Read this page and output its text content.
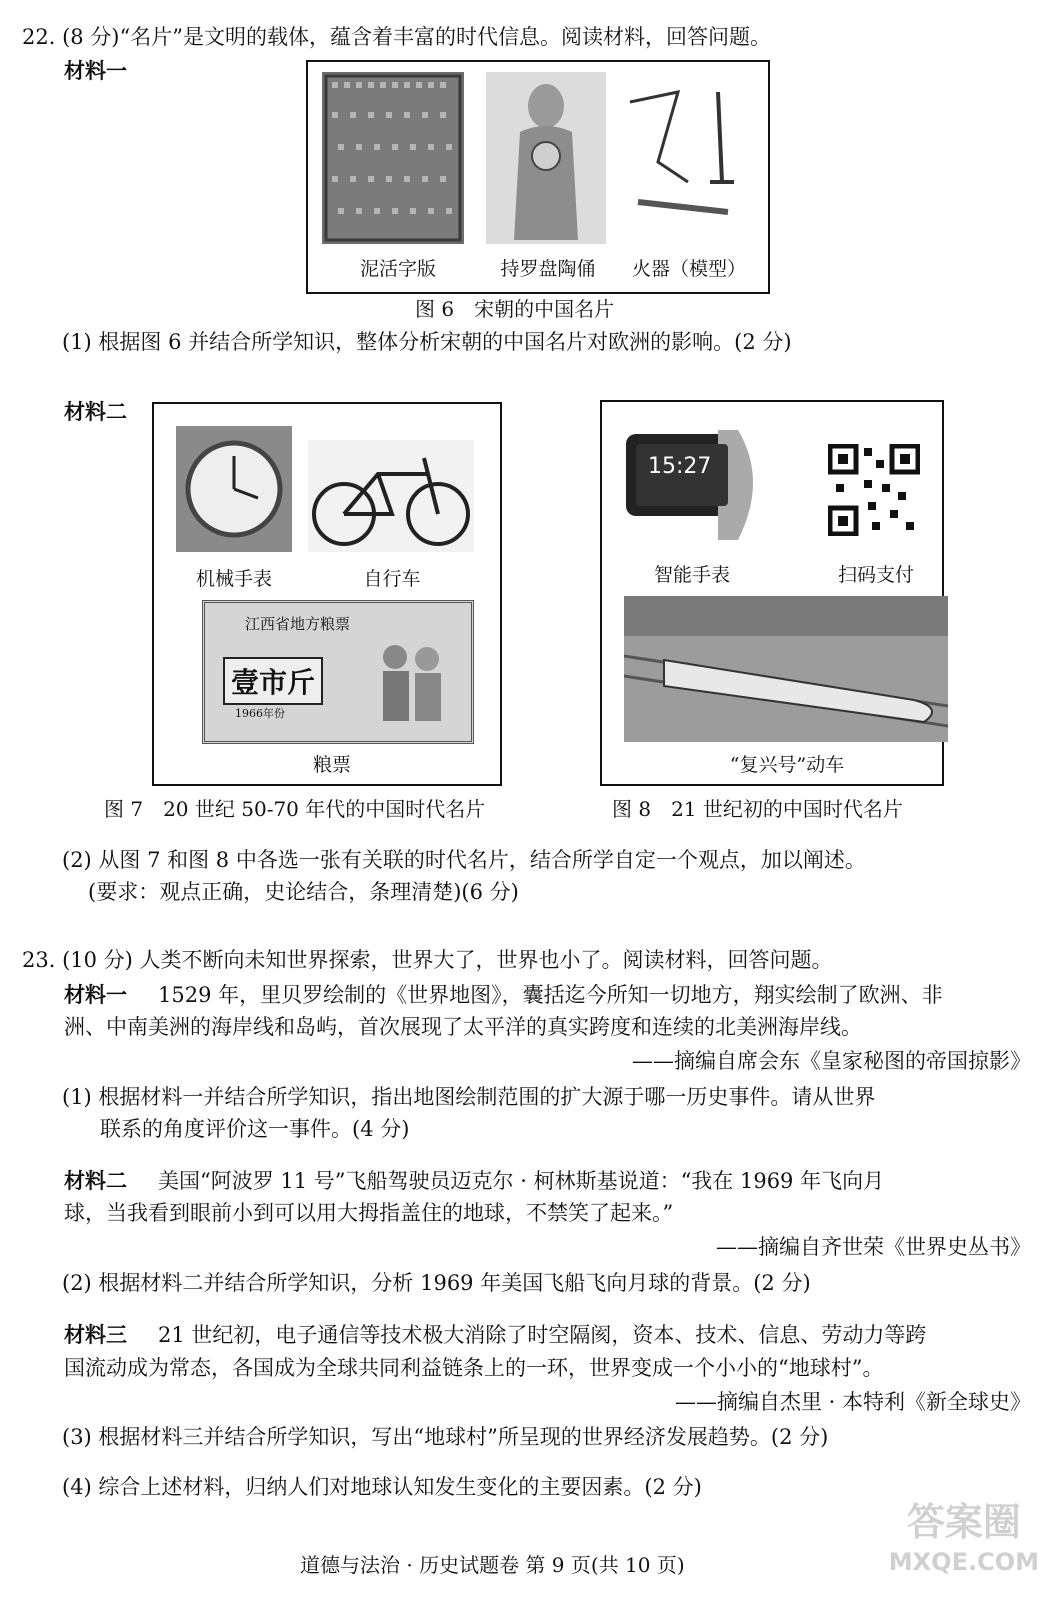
22. (8 分)“名片”是文明的载体，蕴含着丰富的时代信息。阅读材料，回答问题。
材料一
泥活字版	持罗盘陶俑	火器（模型）
图 6　宋朝的中国名片
(1) 根据图 6 并结合所学知识，整体分析宋朝的中国名片对欧洲的影响。(2 分)
材料二
机械手表	自行车
江西省地方粮票
壹市斤
1966年份
粮票
15:27
智能手表	扫码支付
“复兴号”动车
图 7　20 世纪 50-70 年代的中国时代名片	图 8　21 世纪初的中国时代名片
(2) 从图 7 和图 8 中各选一张有关联的时代名片，结合所学自定一个观点，加以阐述。
(要求：观点正确，史论结合，条理清楚)(6 分)
23. (10 分) 人类不断向未知世界探索，世界大了，世界也小了。阅读材料，回答问题。
材料一 1529 年，里贝罗绘制的《世界地图》，囊括迄今所知一切地方，翔实绘制了欧洲、非
洲、中南美洲的海岸线和岛屿，首次展现了太平洋的真实跨度和连续的北美洲海岸线。
——摘编自席会东《皇家秘图的帝国掠影》
(1) 根据材料一并结合所学知识，指出地图绘制范围的扩大源于哪一历史事件。请从世界
联系的角度评价这一事件。(4 分)
材料二 美国“阿波罗 11 号”飞船驾驶员迈克尔 · 柯林斯基说道：“我在 1969 年飞向月
球，当我看到眼前小到可以用大拇指盖住的地球，不禁笑了起来。”
——摘编自齐世荣《世界史丛书》
(2) 根据材料二并结合所学知识，分析 1969 年美国飞船飞向月球的背景。(2 分)
材料三 21 世纪初，电子通信等技术极大消除了时空隔阂，资本、技术、信息、劳动力等跨
国流动成为常态，各国成为全球共同利益链条上的一环，世界变成一个小小的“地球村”。
——摘编自杰里 · 本特利《新全球史》
(3) 根据材料三并结合所学知识，写出“地球村”所呈现的世界经济发展趋势。(2 分)
(4) 综合上述材料，归纳人们对地球认知发生变化的主要因素。(2 分)
道德与法治 · 历史试题卷 第 9 页(共 10 页)
答案圈
MXQE.COM
